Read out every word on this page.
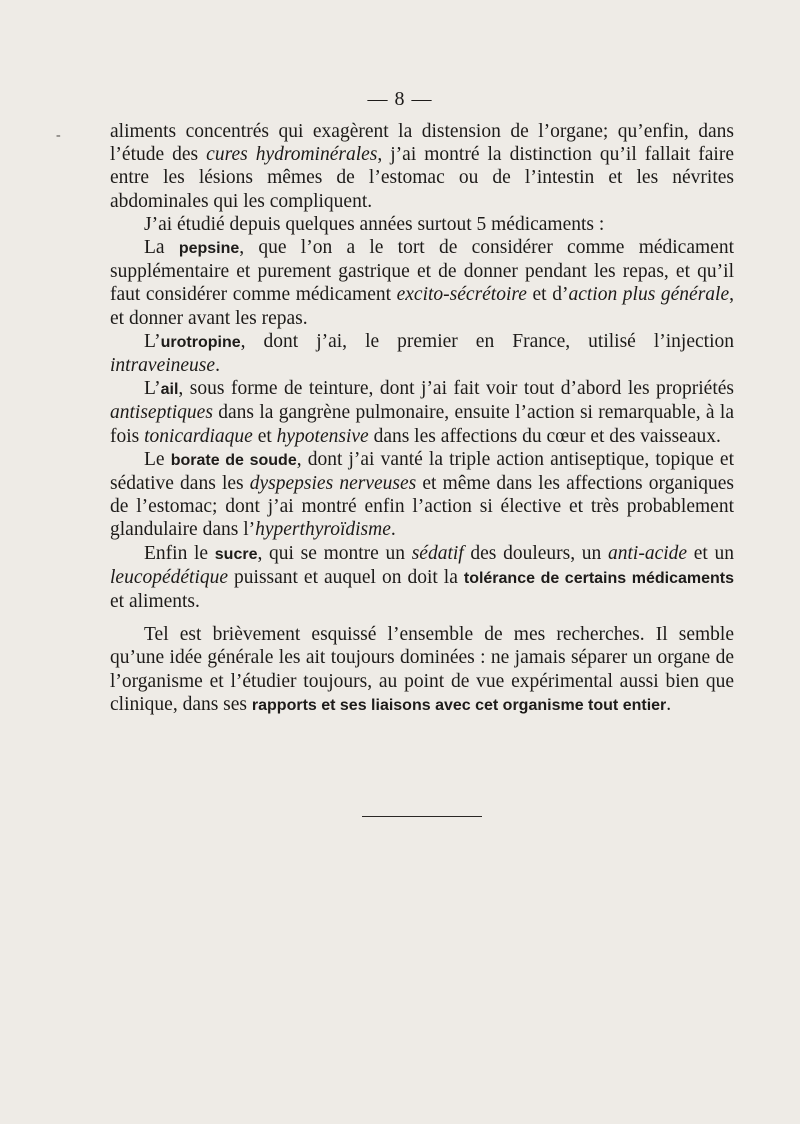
-
— 8 —

aliments concentrés qui exagèrent la distension de l’organe; qu’enfin, dans l’étude des cures hydrominérales, j’ai montré la distinction qu’il fallait faire entre les lésions mêmes de l’estomac ou de l’intestin et les névrites abdominales qui les compliquent.

J’ai étudié depuis quelques années surtout 5 médicaments :

La pepsine, que l’on a le tort de considérer comme médicament supplémentaire et purement gastrique et de donner pendant les repas, et qu’il faut considérer comme médicament excito-sécrétoire et d’action plus générale, et donner avant les repas.

L’urotropine, dont j’ai, le premier en France, utilisé l’injection intraveineuse.

L’ail, sous forme de teinture, dont j’ai fait voir tout d’abord les propriétés antiseptiques dans la gangrène pulmonaire, ensuite l’action si remarquable, à la fois tonicardiaque et hypotensive dans les affections du cœur et des vaisseaux.

Le borate de soude, dont j’ai vanté la triple action antiseptique, topique et sédative dans les dyspepsies nerveuses et même dans les affections organiques de l’estomac; dont j’ai montré enfin l’action si élective et très probablement glandulaire dans l’hyperthyroïdisme.

Enfin le sucre, qui se montre un sédatif des douleurs, un anti-acide et un leucopédétique puissant et auquel on doit la tolérance de certains médicaments et aliments.

Tel est brièvement esquissé l’ensemble de mes recherches. Il semble qu’une idée générale les ait toujours dominées : ne jamais séparer un organe de l’organisme et l’étudier toujours, au point de vue expérimental aussi bien que clinique, dans ses rapports et ses liaisons avec cet organisme tout entier.
